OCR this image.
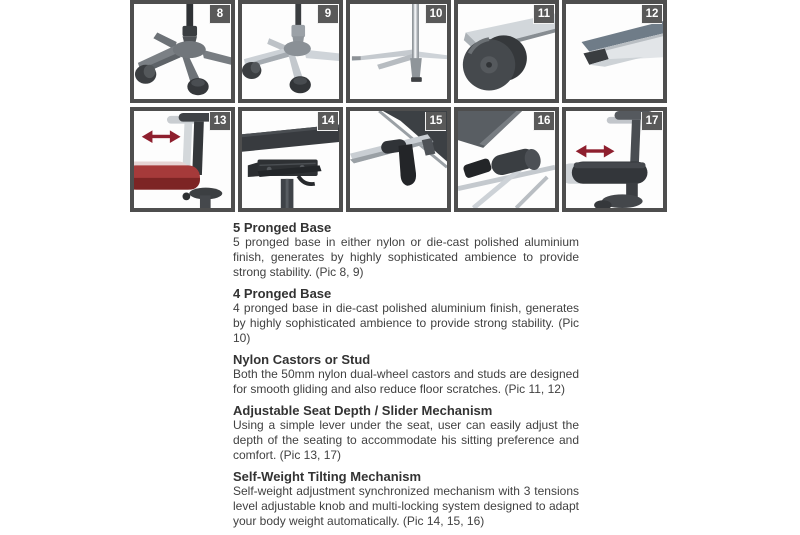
8	9	10	11	12
13	14	15	16	17
5 Pronged Base

5 pronged base in either nylon or die-cast polished aluminium finish, generates by highly sophisticated ambience to provide strong stability. (Pic 8, 9)

4 Pronged Base

4 pronged base in die-cast polished aluminium finish, generates by highly sophisticated ambience to provide strong stability. (Pic 10)

Nylon Castors or Stud

Both the 50mm nylon dual-wheel castors and studs are designed for smooth gliding and also reduce floor scratches. (Pic 11, 12)

Adjustable Seat Depth / Slider Mechanism

Using a simple lever under the seat, user can easily adjust the depth of the seating to accommodate his sitting preference and comfort. (Pic 13, 17)

Self-Weight Tilting Mechanism

Self-weight adjustment synchronized mechanism with 3 tensions level adjustable knob and multi-locking system designed to adapt your body weight automatically. (Pic 14, 15, 16)
